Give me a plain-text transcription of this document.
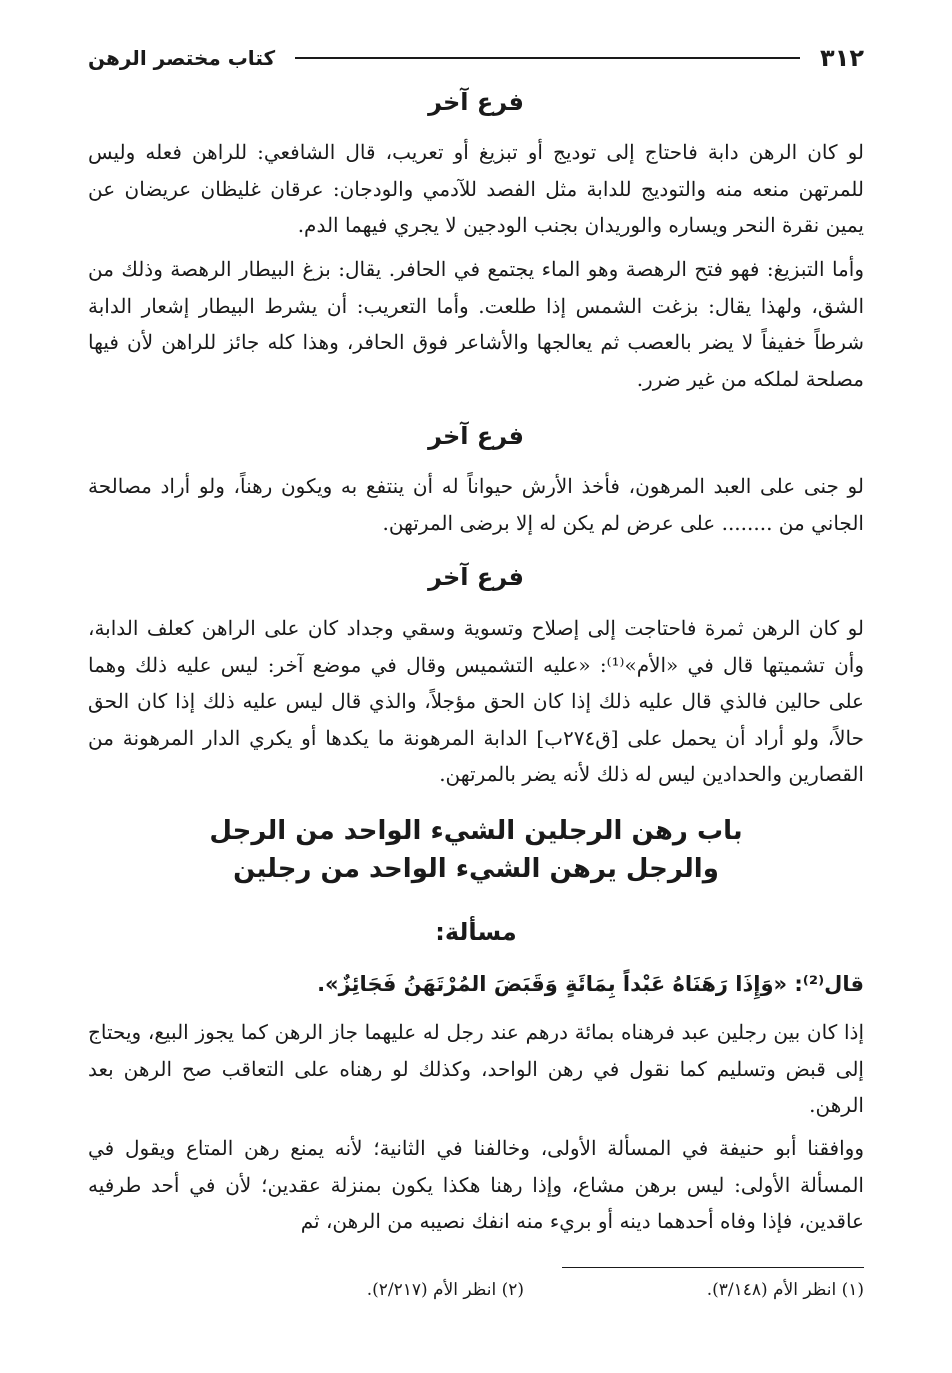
٣١٢
كتاب مختصر الرهن
فرع آخر

لو كان الرهن دابة فاحتاج إلى توديج أو تبزيغ أو تعريب، قال الشافعي: للراهن فعله وليس للمرتهن منعه منه والتوديج للدابة مثل الفصد للآدمي والودجان: عرقان غليظان عريضان عن يمين نقرة النحر ويساره والوريدان بجنب الودجين لا يجري فيهما الدم.

وأما التبزيغ: فهو فتح الرهصة وهو الماء يجتمع في الحافر. يقال: بزغ البيطار الرهصة وذلك من الشق، ولهذا يقال: بزغت الشمس إذا طلعت. وأما التعريب: أن يشرط البيطار إشعار الدابة شرطاً خفيفاً لا يضر بالعصب ثم يعالجها والأشاعر فوق الحافر، وهذا كله جائز للراهن لأن فيها مصلحة لملكه من غير ضرر.

فرع آخر

لو جنى على العبد المرهون، فأخذ الأرش حيواناً له أن ينتفع به ويكون رهناً، ولو أراد مصالحة الجاني من ........ على عرض لم يكن له إلا برضى المرتهن.

فرع آخر

لو كان الرهن ثمرة فاحتاجت إلى إصلاح وتسوية وسقي وجداد كان على الراهن كعلف الدابة، وأن تشميتها قال في «الأم»⁽¹⁾: «عليه التشميس وقال في موضع آخر: ليس عليه ذلك وهما على حالين فالذي قال عليه ذلك إذا كان الحق مؤجلاً، والذي قال ليس عليه ذلك إذا كان الحق حالاً، ولو أراد أن يحمل على [ق٢٧٤ب] الدابة المرهونة ما يكدها أو يكري الدار المرهونة من القصارين والحدادين ليس له ذلك لأنه يضر بالمرتهن.

باب رهن الرجلين الشيء الواحد من الرجل
والرجل يرهن الشيء الواحد من رجلين
مسألة:

قال⁽²⁾: «وَإِذَا رَهَنَاهُ عَبْداً بِمَائَةٍ وَقَبَضَ المُرْتَهَنُ فَجَائِزٌ».

إذا كان بين رجلين عبد فرهناه بمائة درهم عند رجل له عليهما جاز الرهن كما يجوز البيع، ويحتاج إلى قبض وتسليم كما نقول في رهن الواحد، وكذلك لو رهناه على التعاقب صح الرهن بعد الرهن.

ووافقنا أبو حنيفة في المسألة الأولى، وخالفنا في الثانية؛ لأنه يمنع رهن المتاع ويقول في المسألة الأولى: ليس برهن مشاع، وإذا رهنا هكذا يكون بمنزلة عقدين؛ لأن في أحد طرفيه عاقدين، فإذا وفاه أحدهما دينه أو بريء منه انفك نصيبه من الرهن، ثم

(١) انظر الأم (٣/١٤٨).
(٢) انظر الأم (٢/٢١٧).
